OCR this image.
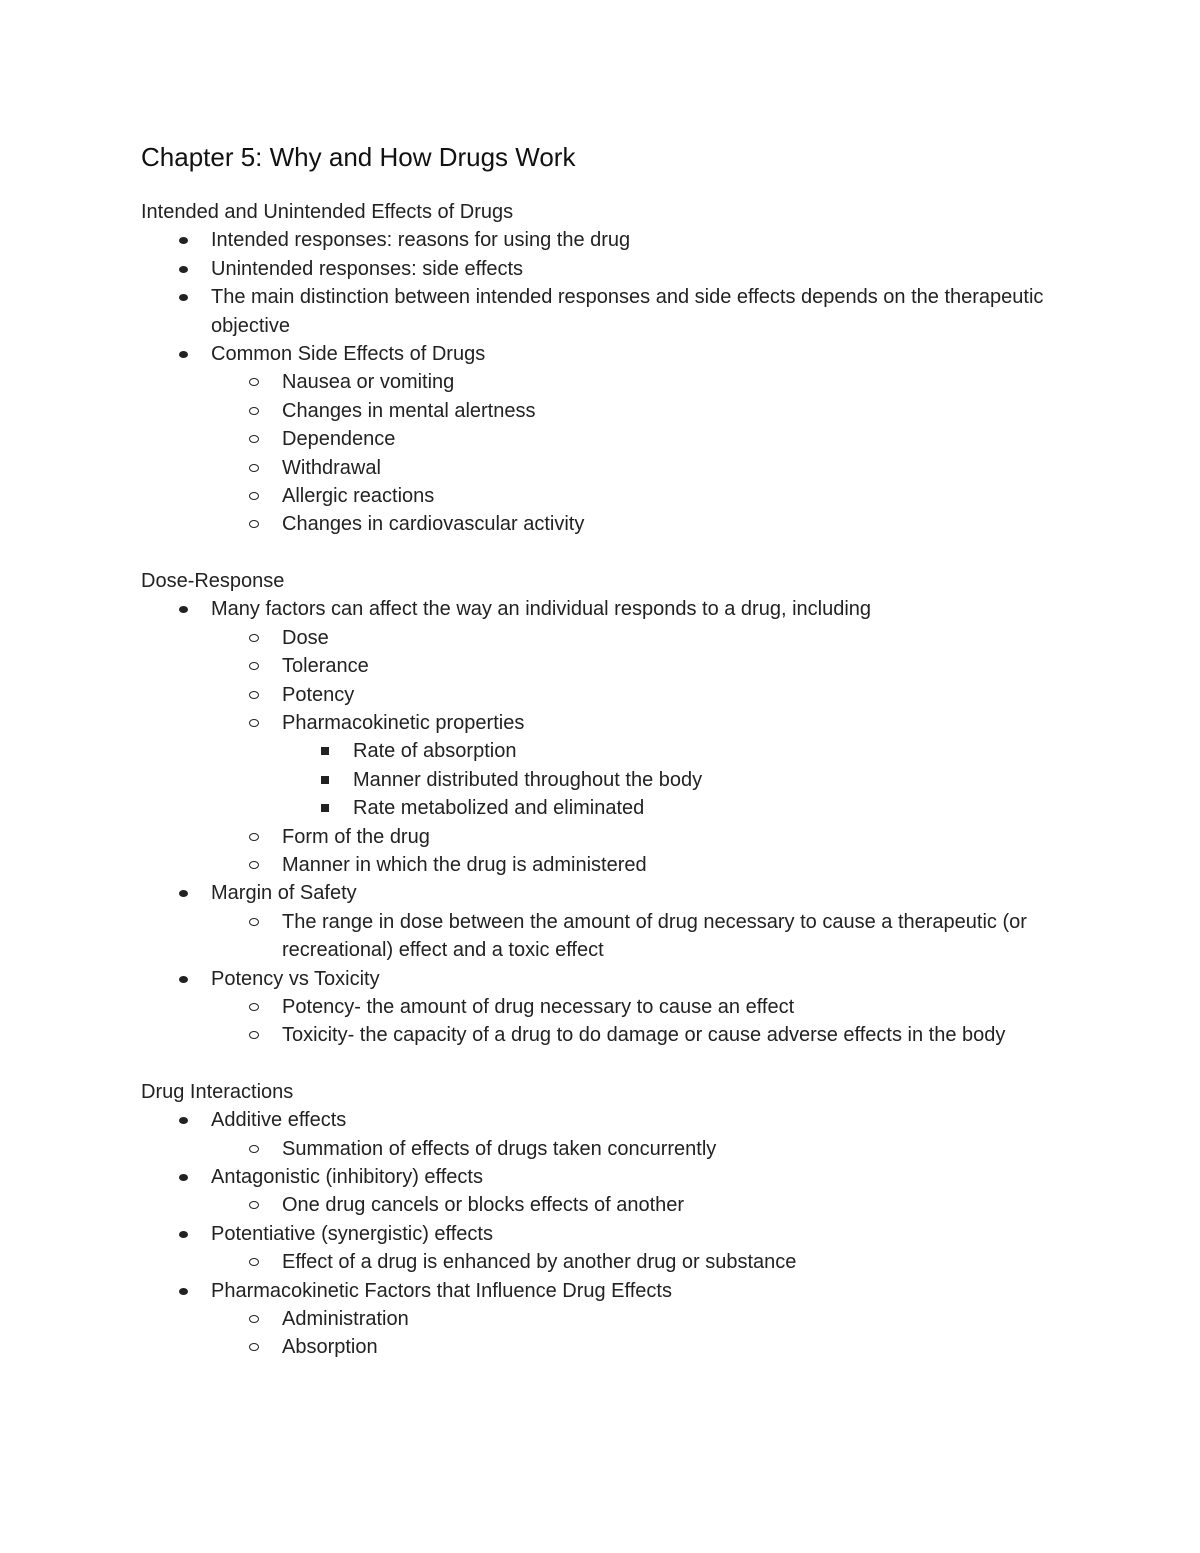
Chapter 5: Why and How Drugs Work

Intended and Unintended Effects of Drugs

Intended responses: reasons for using the drug
Unintended responses: side effects
The main distinction between intended responses and side effects depends on the therapeutic objective
Common Side Effects of Drugs
Nausea or vomiting
Changes in mental alertness
Dependence
Withdrawal
Allergic reactions
Changes in cardiovascular activity

Dose-Response

Many factors can affect the way an individual responds to a drug, including
Dose
Tolerance
Potency
Pharmacokinetic properties
Rate of absorption
Manner distributed throughout the body
Rate metabolized and eliminated
Form of the drug
Manner in which the drug is administered
Margin of Safety
The range in dose between the amount of drug necessary to cause a therapeutic (or recreational) effect and a toxic effect
Potency vs Toxicity
Potency- the amount of drug necessary to cause an effect
Toxicity- the capacity of a drug to do damage or cause adverse effects in the body

Drug Interactions

Additive effects
Summation of effects of drugs taken concurrently
Antagonistic (inhibitory) effects
One drug cancels or blocks effects of another
Potentiative (synergistic) effects
Effect of a drug is enhanced by another drug or substance
Pharmacokinetic Factors that Influence Drug Effects
Administration
Absorption
